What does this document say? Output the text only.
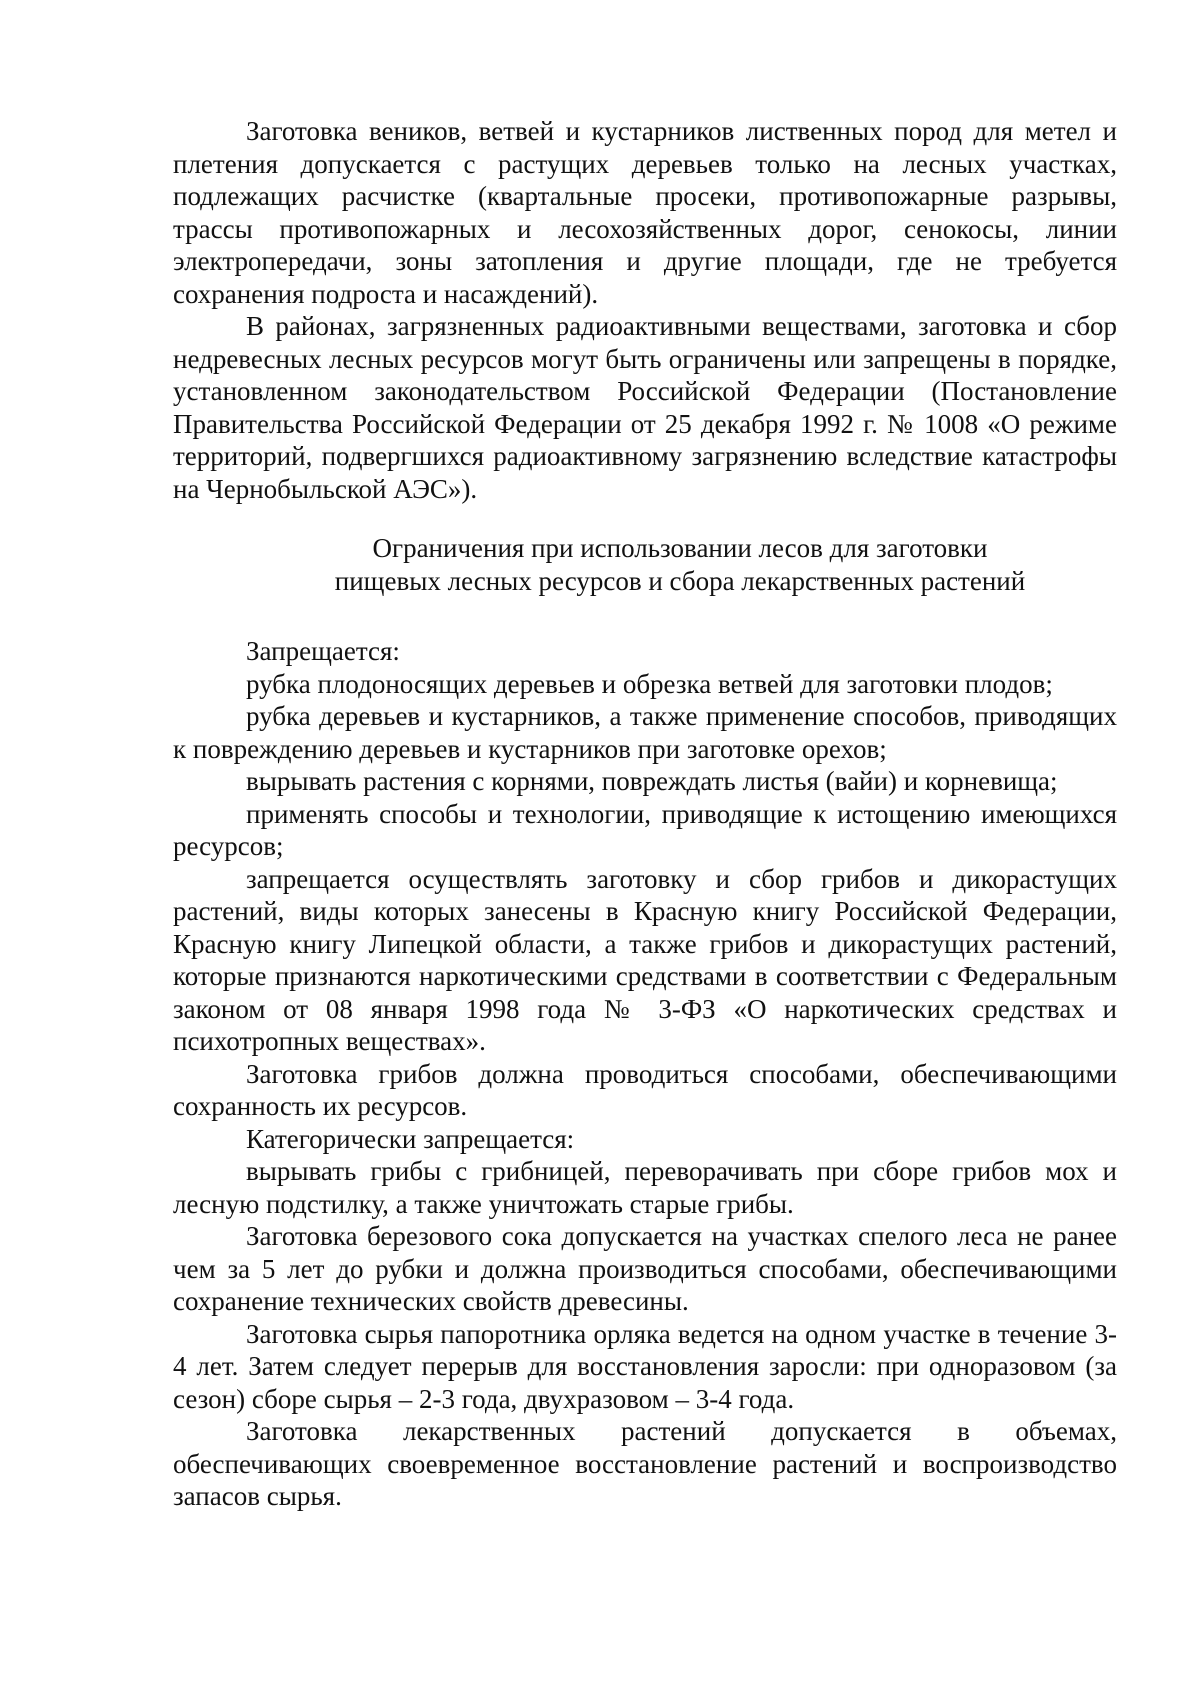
Заготовка веников, ветвей и кустарников лиственных пород для метел и плетения допускается с растущих деревьев только на лесных участках, подлежащих расчистке (квартальные просеки, противопожарные разрывы, трассы противопожарных и лесохозяйственных дорог, сенокосы, линии электропередачи, зоны затопления и другие площади, где не требуется сохранения подроста и насаждений).

В районах, загрязненных радиоактивными веществами, заготовка и сбор недревесных лесных ресурсов могут быть ограничены или запрещены в порядке, установленном законодательством Российской Федерации (Постановление Правительства Российской Федерации от 25 декабря 1992 г. № 1008 «О режиме территорий, подвергшихся радиоактивному загрязнению вследствие катастрофы на Чернобыльской АЭС»).

Ограничения при использовании лесов для заготовки
пищевых лесных ресурсов и сбора лекарственных растений

Запрещается:

рубка плодоносящих деревьев и обрезка ветвей для заготовки плодов;

рубка деревьев и кустарников, а также применение способов, приводящих к повреждению деревьев и кустарников при заготовке орехов;

вырывать растения с корнями, повреждать листья (вайи) и корневища;

применять способы и технологии, приводящие к истощению имеющихся ресурсов;

запрещается осуществлять заготовку и сбор грибов и дикорастущих растений, виды которых занесены в Красную книгу Российской Федерации, Красную книгу Липецкой области, а также грибов и дикорастущих растений, которые признаются наркотическими средствами в соответствии с Федеральным законом от 08 января 1998 года № 3-ФЗ «О наркотических средствах и психотропных веществах».

Заготовка грибов должна проводиться способами, обеспечивающими сохранность их ресурсов.

Категорически запрещается:

вырывать грибы с грибницей, переворачивать при сборе грибов мох и лесную подстилку, а также уничтожать старые грибы.

Заготовка березового сока допускается на участках спелого леса не ранее чем за 5 лет до рубки и должна производиться способами, обеспечивающими сохранение технических свойств древесины.

Заготовка сырья папоротника орляка ведется на одном участке в течение 3-4 лет. Затем следует перерыв для восстановления заросли: при одноразовом (за сезон) сборе сырья – 2-3 года, двухразовом – 3-4 года.

Заготовка лекарственных растений допускается в объемах, обеспечивающих своевременное восстановление растений и воспроизводство запасов сырья.
